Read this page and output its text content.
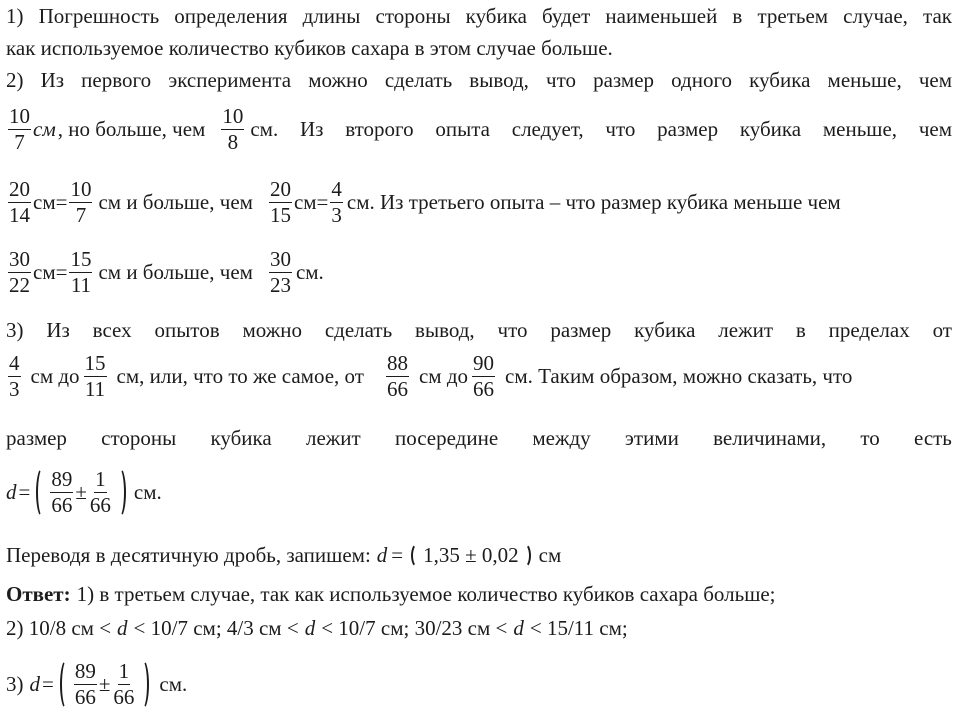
1) Погрешность определения длины стороны кубика будет наименьшей в третьем случае, так
как используемое количество кубиков сахара в этом случае больше.
2) Из первого эксперимента можно сделать вывод, что размер одного кубика меньше, чем
$\frac{10}{7}$ см , но больше, чем $\frac{10}{8}$ см. Из второго опыта следует, что размер кубика меньше, чем
$\frac{20}{14} см= \frac{10}{7}$ см и больше, чем $\frac{20}{15} см= \frac{4}{3}$ см. Из третьего опыта – что размер кубика меньше чем
$\frac{30}{22} см= \frac{15}{11}$ см и больше, чем $\frac{30}{23}$ см.
3) Из всех опытов можно сделать вывод, что размер кубика лежит в пределах от
$\frac{4}{3}$ см до $\frac{15}{11}$ см, или, что то же самое, от $\frac{88}{66}$ см до $\frac{90}{66}$ см. Таким образом, можно сказать, что
размер стороны кубика лежит посередине между этими величинами, то есть
$d = \frac{89}{66} \pm \frac{1}{66}$ см.
Переводя в десятичную дробь, запишем: d = 1,35 ± 0,02 см
Ответ: 1) в третьем случае, так как используемое количество кубиков сахара больше;
2) 10/8 см < d < 10/7 см; 4/3 см < d < 10/7 см; 30/23 см < d < 15/11 см;
3) $d = \frac{89}{66} \pm \frac{1}{66}$ см.
